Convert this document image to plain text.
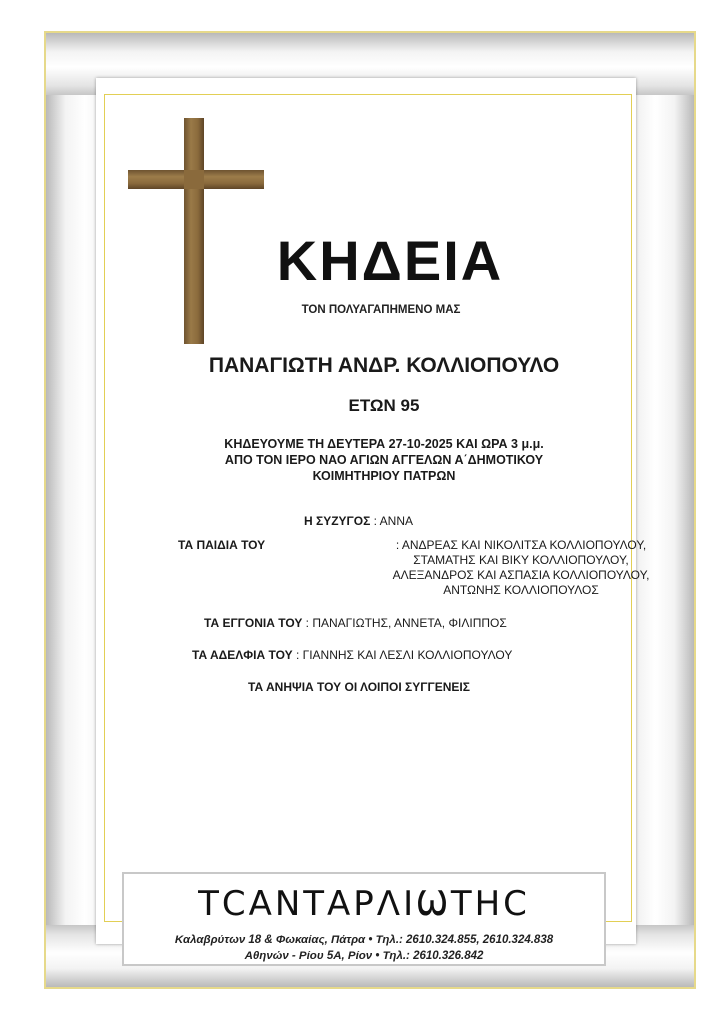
ΚΗΔΕΙΑ
ΤΟΝ ΠΟΛΥΑΓΑΠΗΜΕΝΟ ΜΑΣ
ΠΑΝΑΓΙΩΤΗ ΑΝΔΡ. ΚΟΛΛΙΟΠΟΥΛΟ
ΕΤΩΝ 95
ΚΗΔΕΥΟΥΜΕ ΤΗ ΔΕΥΤΕΡΑ 27-10-2025 ΚΑΙ ΩΡΑ 3 μ.μ.
ΑΠΟ ΤΟΝ ΙΕΡΟ ΝΑΟ ΑΓΙΩΝ ΑΓΓΕΛΩΝ Α΄ΔΗΜΟΤΙΚΟΥ
ΚΟΙΜΗΤΗΡΙΟΥ ΠΑΤΡΩΝ
Η ΣΥΖΥΓΟΣ : ΑΝΝΑ
ΤΑ ΠΑΙΔΙΑ ΤΟΥ	: ΑΝΔΡΕΑΣ ΚΑΙ ΝΙΚΟΛΙΤΣΑ ΚΟΛΛΙΟΠΟΥΛΟΥ,
ΣΤΑΜΑΤΗΣ ΚΑΙ ΒΙΚΥ ΚΟΛΛΙΟΠΟΥΛΟΥ,
ΑΛΕΞΑΝΔΡΟΣ ΚΑΙ ΑΣΠΑΣΙΑ ΚΟΛΛΙΟΠΟΥΛΟΥ,
ΑΝΤΩΝΗΣ ΚΟΛΛΙΟΠΟΥΛΟΣ
ΤΑ ΕΓΓΟΝΙΑ ΤΟΥ : ΠΑΝΑΓΙΩΤΗΣ, ΑΝΝΕΤΑ, ΦΙΛΙΠΠΟΣ
ΤΑ ΑΔΕΛΦΙΑ ΤΟΥ : ΓΙΑΝΝΗΣ ΚΑΙ ΛΕΣΛΙ ΚΟΛΛΙΟΠΟΥΛΟΥ
ΤΑ ΑΝΗΨΙΑ ΤΟΥ ΟΙ ΛΟΙΠΟΙ ΣΥΓΓΕΝΕΙΣ
ΤϹΑΝΤΑΡΛΙѠΤΗϹ
Καλαβρύτων 18 & Φωκαίας, Πάτρα • Τηλ.: 2610.324.855, 2610.324.838
Αθηνών - Ρίου 5Α, Ρίον • Τηλ.: 2610.326.842
